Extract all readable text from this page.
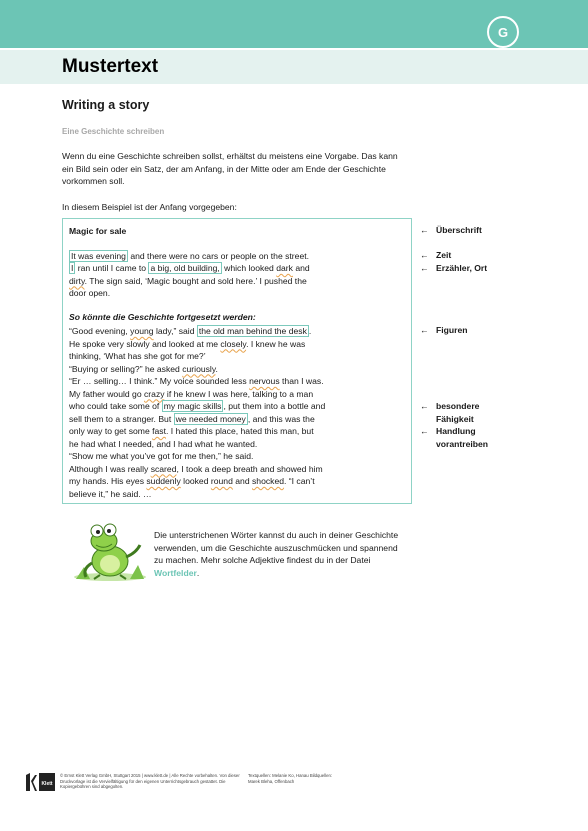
G
Mustertext
Writing a story
Eine Geschichte schreiben
Wenn du eine Geschichte schreiben sollst, erhältst du meistens eine Vorgabe. Das kann ein Bild sein oder ein Satz, der am Anfang, in der Mitte oder am Ende der Geschichte vorkommen soll.
In diesem Beispiel ist der Anfang vorgegeben:

Magic for sale

It was evening and there were no cars or people on the street.
I ran until I came to a big, old building, which looked dark and
dirty. The sign said, ‘Magic bought and sold here.’ I pushed the
door open.

So könnte die Geschichte fortgesetzt werden:

“Good evening, young lady,” said the old man behind the desk .
He spoke very slowly and looked at me closely. I knew he was
thinking, ‘What has she got for me?’
“Buying or selling?” he asked curiously.
“Er … selling… I think.” My voice sounded less nervous than I was.
My father would go crazy if he knew I was here, talking to a man
who could take some of my magic skills , put them into a bottle and
sell them to a stranger. But we needed money , and this was the
only way to get some fast. I hated this place, hated this man, but
he had what I needed, and I had what he wanted.
“Show me what you’ve got for me then,” he said.
Although I was really scared, I took a deep breath and showed him
my hands. His eyes suddenly looked round and shocked. “I can’t
believe it,” he said. …

← Überschrift
← Zeit
← Erzähler, Ort
← Figuren
← besondere
Fähigkeit
← Handlung
vorantreiben
Die unterstrichenen Wörter kannst du auch in deiner Geschichte verwenden, um die Geschichte auszuschmücken und spannend zu machen. Mehr solche Adjektive findest du in der Datei Wortfelder.
Klett
© Ernst Klett Verlag GmbH, Stuttgart 2015 | www.klett.de | Alle Rechte vorbehalten. Von dieser Druckvorlage ist die Vervielfältigung für den eigenen Unterrichtsgebrauch gestattet. Die Kopiergebühren sind abgegolten.
Textquellen: Melanie Ko, Hanau Bildquellen: Marek Bleha, Offenbach
